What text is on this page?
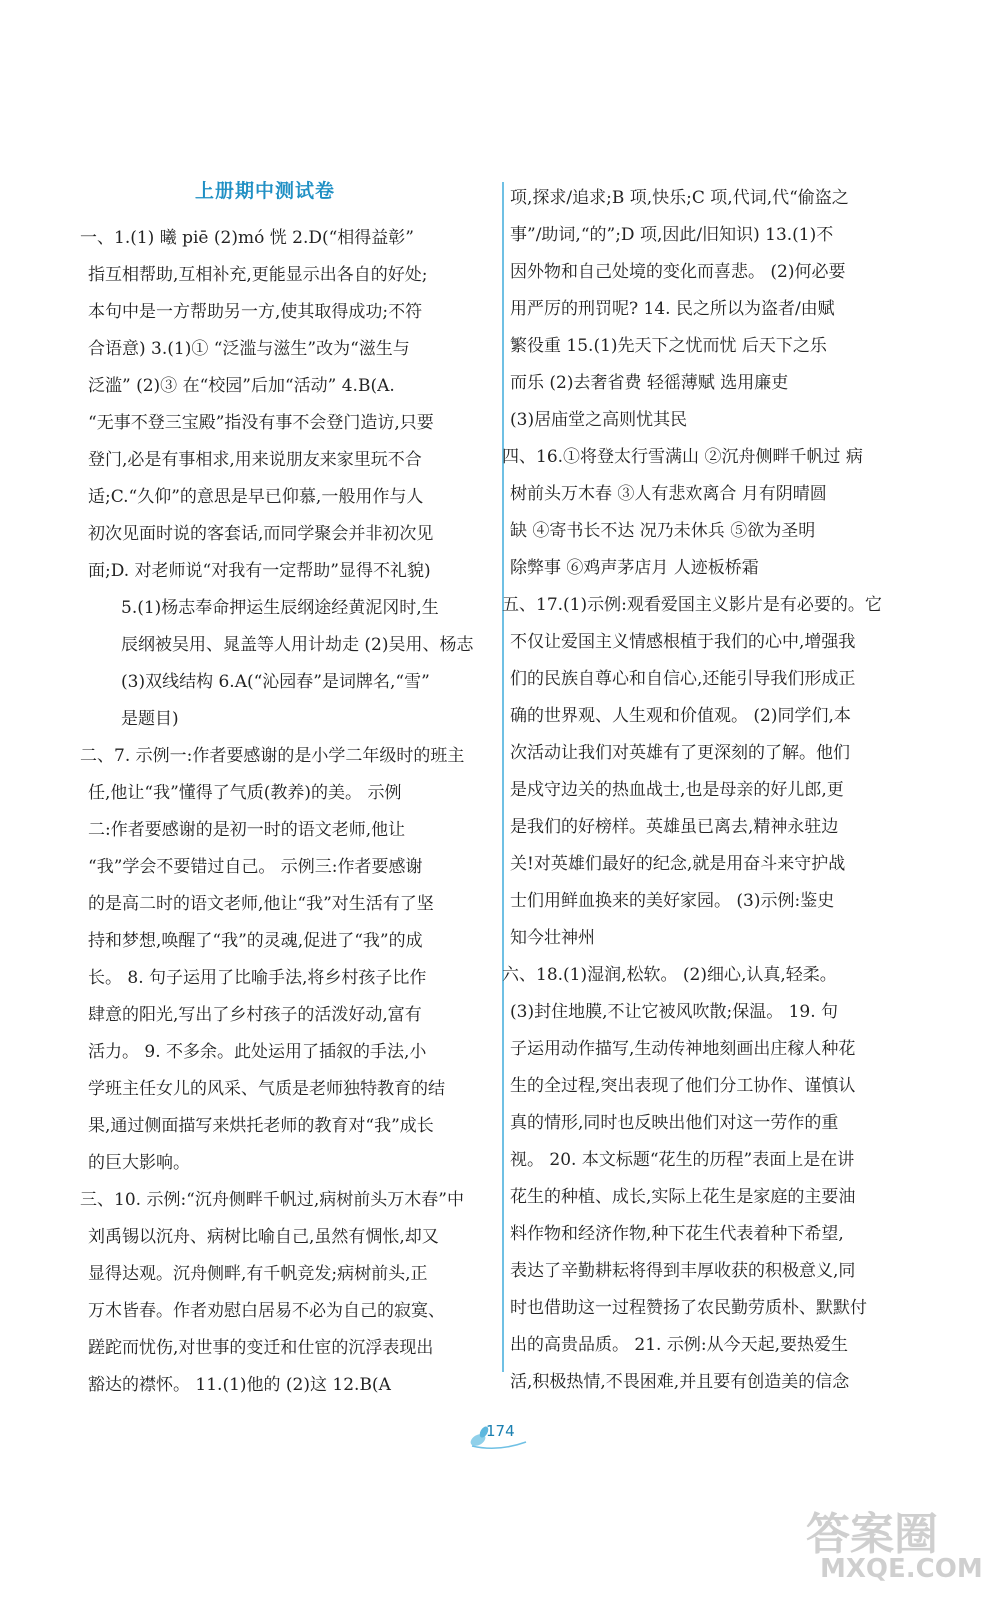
上册期中测试卷
一、1.(1) 曦 piē (2)mó 恍 2.D(“相得益彰”
指互相帮助,互相补充,更能显示出各自的好处;
本句中是一方帮助另一方,使其取得成功;不符
合语意) 3.(1)① “泛滥与滋生”改为“滋生与
泛滥” (2)③ 在“校园”后加“活动” 4.B(A.
“无事不登三宝殿”指没有事不会登门造访,只要
登门,必是有事相求,用来说朋友来家里玩不合
适;C.“久仰”的意思是早已仰慕,一般用作与人
初次见面时说的客套话,而同学聚会并非初次见
面;D. 对老师说“对我有一定帮助”显得不礼貌)
5.(1)杨志奉命押运生辰纲途经黄泥冈时,生
辰纲被吴用、晁盖等人用计劫走 (2)吴用、杨志
(3)双线结构 6.A(“沁园春”是词牌名,“雪”
是题目)
二、7. 示例一:作者要感谢的是小学二年级时的班主
任,他让“我”懂得了气质(教养)的美。 示例
二:作者要感谢的是初一时的语文老师,他让
“我”学会不要错过自己。 示例三:作者要感谢
的是高二时的语文老师,他让“我”对生活有了坚
持和梦想,唤醒了“我”的灵魂,促进了“我”的成
长。 8. 句子运用了比喻手法,将乡村孩子比作
肆意的阳光,写出了乡村孩子的活泼好动,富有
活力。 9. 不多余。此处运用了插叙的手法,小
学班主任女儿的风采、气质是老师独特教育的结
果,通过侧面描写来烘托老师的教育对“我”成长
的巨大影响。
三、10. 示例:“沉舟侧畔千帆过,病树前头万木春”中
刘禹锡以沉舟、病树比喻自己,虽然有惆怅,却又
显得达观。沉舟侧畔,有千帆竞发;病树前头,正
万木皆春。作者劝慰白居易不必为自己的寂寞、
蹉跎而忧伤,对世事的变迁和仕宦的沉浮表现出
豁达的襟怀。 11.(1)他的 (2)这 12.B(A
项,探求/追求;B 项,快乐;C 项,代词,代“偷盗之
事”/助词,“的”;D 项,因此/旧知识) 13.(1)不
因外物和自己处境的变化而喜悲。 (2)何必要
用严厉的刑罚呢? 14. 民之所以为盗者/由赋
繁役重 15.(1)先天下之忧而忧 后天下之乐
而乐 (2)去奢省费 轻徭薄赋 选用廉吏
(3)居庙堂之高则忧其民
四、16.①将登太行雪满山 ②沉舟侧畔千帆过 病
树前头万木春 ③人有悲欢离合 月有阴晴圆
缺 ④寄书长不达 况乃未休兵 ⑤欲为圣明
除弊事 ⑥鸡声茅店月 人迹板桥霜
五、17.(1)示例:观看爱国主义影片是有必要的。它
不仅让爱国主义情感根植于我们的心中,增强我
们的民族自尊心和自信心,还能引导我们形成正
确的世界观、人生观和价值观。 (2)同学们,本
次活动让我们对英雄有了更深刻的了解。他们
是戍守边关的热血战士,也是母亲的好儿郎,更
是我们的好榜样。英雄虽已离去,精神永驻边
关!对英雄们最好的纪念,就是用奋斗来守护战
士们用鲜血换来的美好家园。 (3)示例:鉴史
知今壮神州
六、18.(1)湿润,松软。 (2)细心,认真,轻柔。
(3)封住地膜,不让它被风吹散;保温。 19. 句
子运用动作描写,生动传神地刻画出庄稼人种花
生的全过程,突出表现了他们分工协作、谨慎认
真的情形,同时也反映出他们对这一劳作的重
视。 20. 本文标题“花生的历程”表面上是在讲
花生的种植、成长,实际上花生是家庭的主要油
料作物和经济作物,种下花生代表着种下希望,
表达了辛勤耕耘将得到丰厚收获的积极意义,同
时也借助这一过程赞扬了农民勤劳质朴、默默付
出的高贵品质。 21. 示例:从今天起,要热爱生
活,积极热情,不畏困难,并且要有创造美的信念
174
答案圈
MXQE.COM
